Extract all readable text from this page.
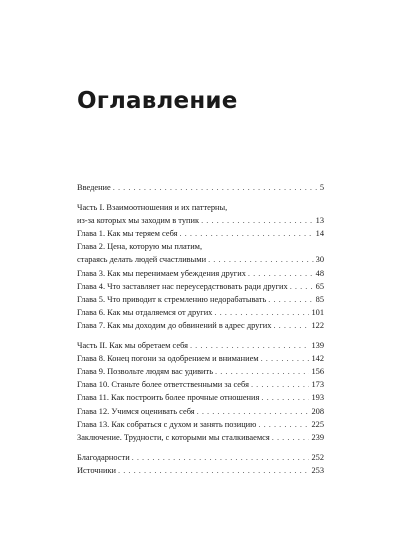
Оглавление
Введение . . .	5
Часть I. Взаимоотношения и их паттерны,
из-за которых мы заходим в тупик . . .	13
Глава 1. Как мы теряем себя . . .	14
Глава 2. Цена, которую мы платим,
стараясь делать людей счастливыми . . .	30
Глава 3. Как мы перенимаем убеждения других . . .	48
Глава 4. Что заставляет нас переусердствовать ради других . . .	65
Глава 5. Что приводит к стремлению недорабатывать . . .	85
Глава 6. Как мы отдаляемся от других . . .	101
Глава 7. Как мы доходим до обвинений в адрес других . . .	122
Часть II. Как мы обретаем себя . . .	139
Глава 8. Конец погони за одобрением и вниманием . . .	142
Глава 9. Позвольте людям вас удивить . . .	156
Глава 10. Станьте более ответственными за себя . . .	173
Глава 11. Как построить более прочные отношения . . .	193
Глава 12. Учимся оценивать себя . . .	208
Глава 13. Как собраться с духом и занять позицию . . .	225
Заключение. Трудности, с которыми мы сталкиваемся . . .	239
Благодарности . . .	252
Источники . . .	253
